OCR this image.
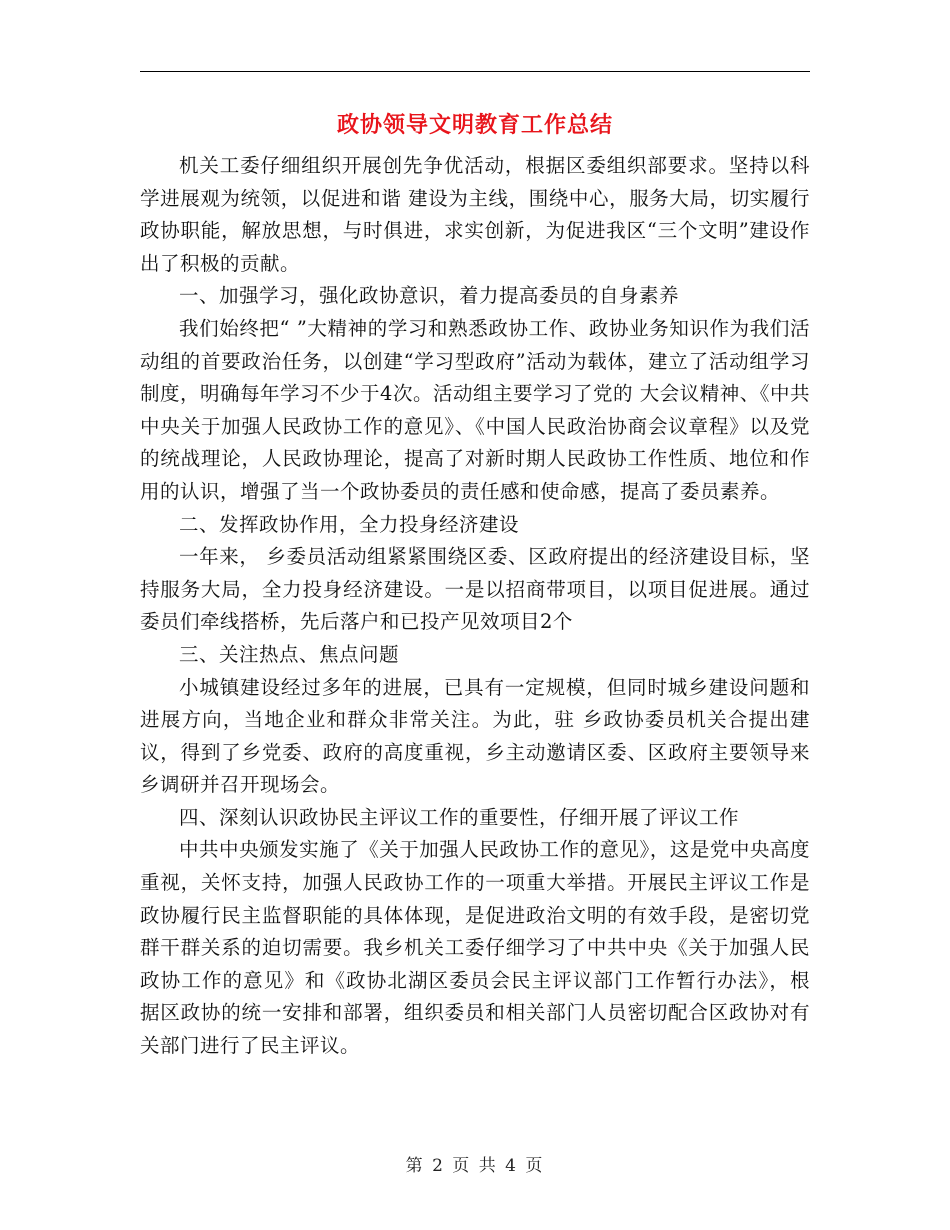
政协领导文明教育工作总结

机关工委仔细组织开展创先争优活动，根据区委组织部要求。坚持以科学进展观为统领，以促进和谐 建设为主线，围绕中心，服务大局，切实履行政协职能，解放思想，与时俱进，求实创新，为促进我区“三个文明”建设作出了积极的贡献。

一、加强学习，强化政协意识，着力提高委员的自身素养

我们始终把“ ”大精神的学习和熟悉政协工作、政协业务知识作为我们活动组的首要政治任务，以创建“学习型政府”活动为载体，建立了活动组学习制度，明确每年学习不少于4次。活动组主要学习了党的 大会议精神、《中共中央关于加强人民政协工作的意见》、《中国人民政治协商会议章程》以及党的统战理论，人民政协理论，提高了对新时期人民政协工作性质、地位和作用的认识，增强了当一个政协委员的责任感和使命感，提高了委员素养。

二、发挥政协作用，全力投身经济建设

一年来， 乡委员活动组紧紧围绕区委、区政府提出的经济建设目标，坚持服务大局，全力投身经济建设。一是以招商带项目，以项目促进展。通过委员们牵线搭桥，先后落户和已投产见效项目2个

三、关注热点、焦点问题

小城镇建设经过多年的进展，已具有一定规模，但同时城乡建设问题和进展方向，当地企业和群众非常关注。为此，驻 乡政协委员机关合提出建议，得到了乡党委、政府的高度重视，乡主动邀请区委、区政府主要领导来乡调研并召开现场会。

四、深刻认识政协民主评议工作的重要性，仔细开展了评议工作

中共中央颁发实施了《关于加强人民政协工作的意见》，这是党中央高度重视，关怀支持，加强人民政协工作的一项重大举措。开展民主评议工作是政协履行民主监督职能的具体体现，是促进政治文明的有效手段，是密切党群干群关系的迫切需要。我乡机关工委仔细学习了中共中央《关于加强人民政协工作的意见》和《政协北湖区委员会民主评议部门工作暂行办法》，根据区政协的统一安排和部署，组织委员和相关部门人员密切配合区政协对有关部门进行了民主评议。

第 2 页 共 4 页
